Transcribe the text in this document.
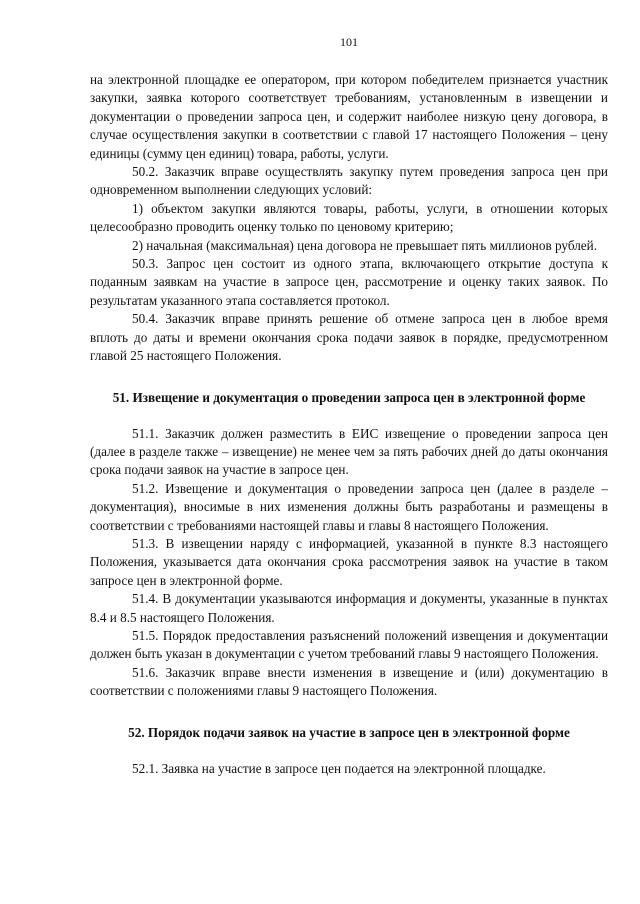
101

на электронной площадке ее оператором, при котором победителем признается участник закупки, заявка которого соответствует требованиям, установленным в извещении и документации о проведении запроса цен, и содержит наиболее низкую цену договора, в случае осуществления закупки в соответствии с главой 17 настоящего Положения – цену единицы (сумму цен единиц) товара, работы, услуги.

50.2. Заказчик вправе осуществлять закупку путем проведения запроса цен при одновременном выполнении следующих условий:

1) объектом закупки являются товары, работы, услуги, в отношении которых целесообразно проводить оценку только по ценовому критерию;

2) начальная (максимальная) цена договора не превышает пять миллионов рублей.

50.3. Запрос цен состоит из одного этапа, включающего открытие доступа к поданным заявкам на участие в запросе цен, рассмотрение и оценку таких заявок. По результатам указанного этапа составляется протокол.

50.4. Заказчик вправе принять решение об отмене запроса цен в любое время вплоть до даты и времени окончания срока подачи заявок в порядке, предусмотренном главой 25 настоящего Положения.

51. Извещение и документация о проведении запроса цен в электронной форме

51.1. Заказчик должен разместить в ЕИС извещение о проведении запроса цен (далее в разделе также – извещение) не менее чем за пять рабочих дней до даты окончания срока подачи заявок на участие в запросе цен.

51.2. Извещение и документация о проведении запроса цен (далее в разделе – документация), вносимые в них изменения должны быть разработаны и размещены в соответствии с требованиями настоящей главы и главы 8 настоящего Положения.

51.3. В извещении наряду с информацией, указанной в пункте 8.3 настоящего Положения, указывается дата окончания срока рассмотрения заявок на участие в таком запросе цен в электронной форме.

51.4. В документации указываются информация и документы, указанные в пунктах 8.4 и 8.5 настоящего Положения.

51.5. Порядок предоставления разъяснений положений извещения и документации должен быть указан в документации с учетом требований главы 9 настоящего Положения.

51.6. Заказчик вправе внести изменения в извещение и (или) документацию в соответствии с положениями главы 9 настоящего Положения.

52. Порядок подачи заявок на участие в запросе цен в электронной форме

52.1. Заявка на участие в запросе цен подается на электронной площадке.
